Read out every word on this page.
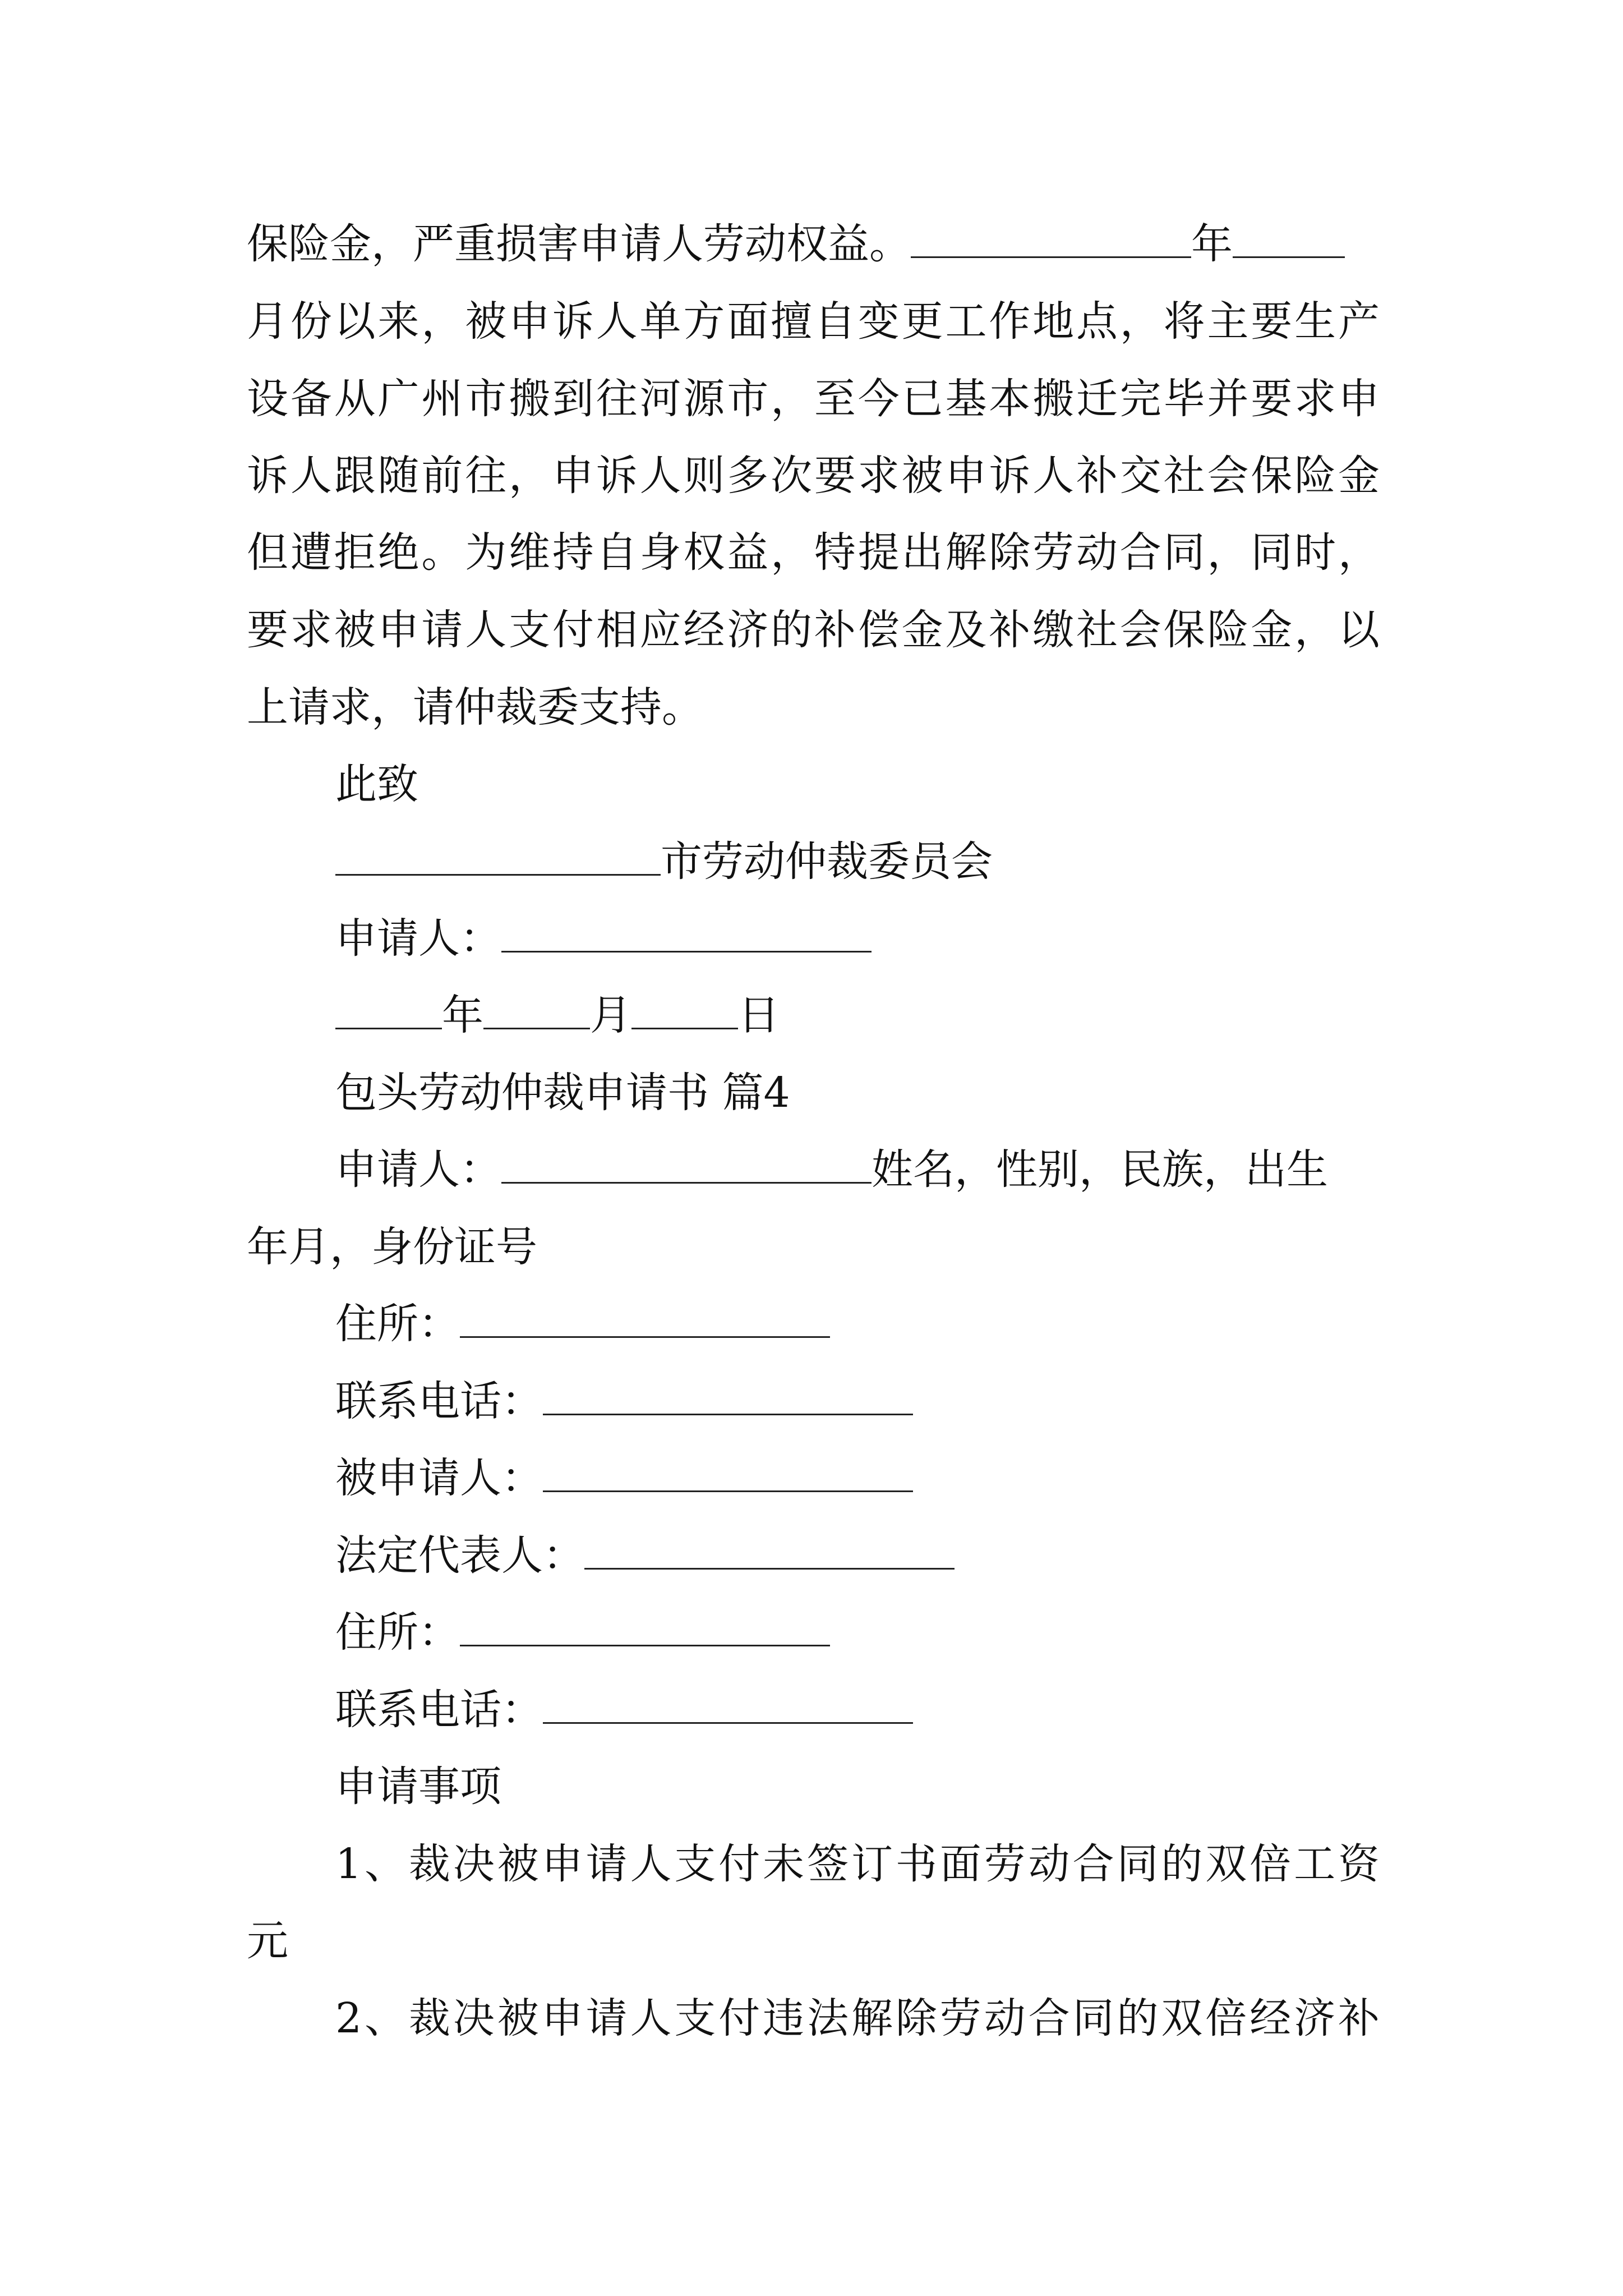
保险金，严重损害申请人劳动权益。	年
月份以来，被申诉人单方面擅自变更工作地点，将主要生产
设备从广州市搬到往河源市，至今已基本搬迁完毕并要求申
诉人跟随前往，申诉人则多次要求被申诉人补交社会保险金
但遭拒绝。为维持自身权益，特提出解除劳动合同，同时，
要求被申请人支付相应经济的补偿金及补缴社会保险金，以
上请求，请仲裁委支持。
此致
市劳动仲裁委员会
申请人：
年	月	日
包头劳动仲裁申请书 篇4
申请人：	姓名，性别，民族，出生
年月，身份证号
住所：
联系电话：
被申请人：
法定代表人：
住所：
联系电话：
申请事项
1、裁决被申请人支付未签订书面劳动合同的双倍工资
元
2、裁决被申请人支付违法解除劳动合同的双倍经济补
